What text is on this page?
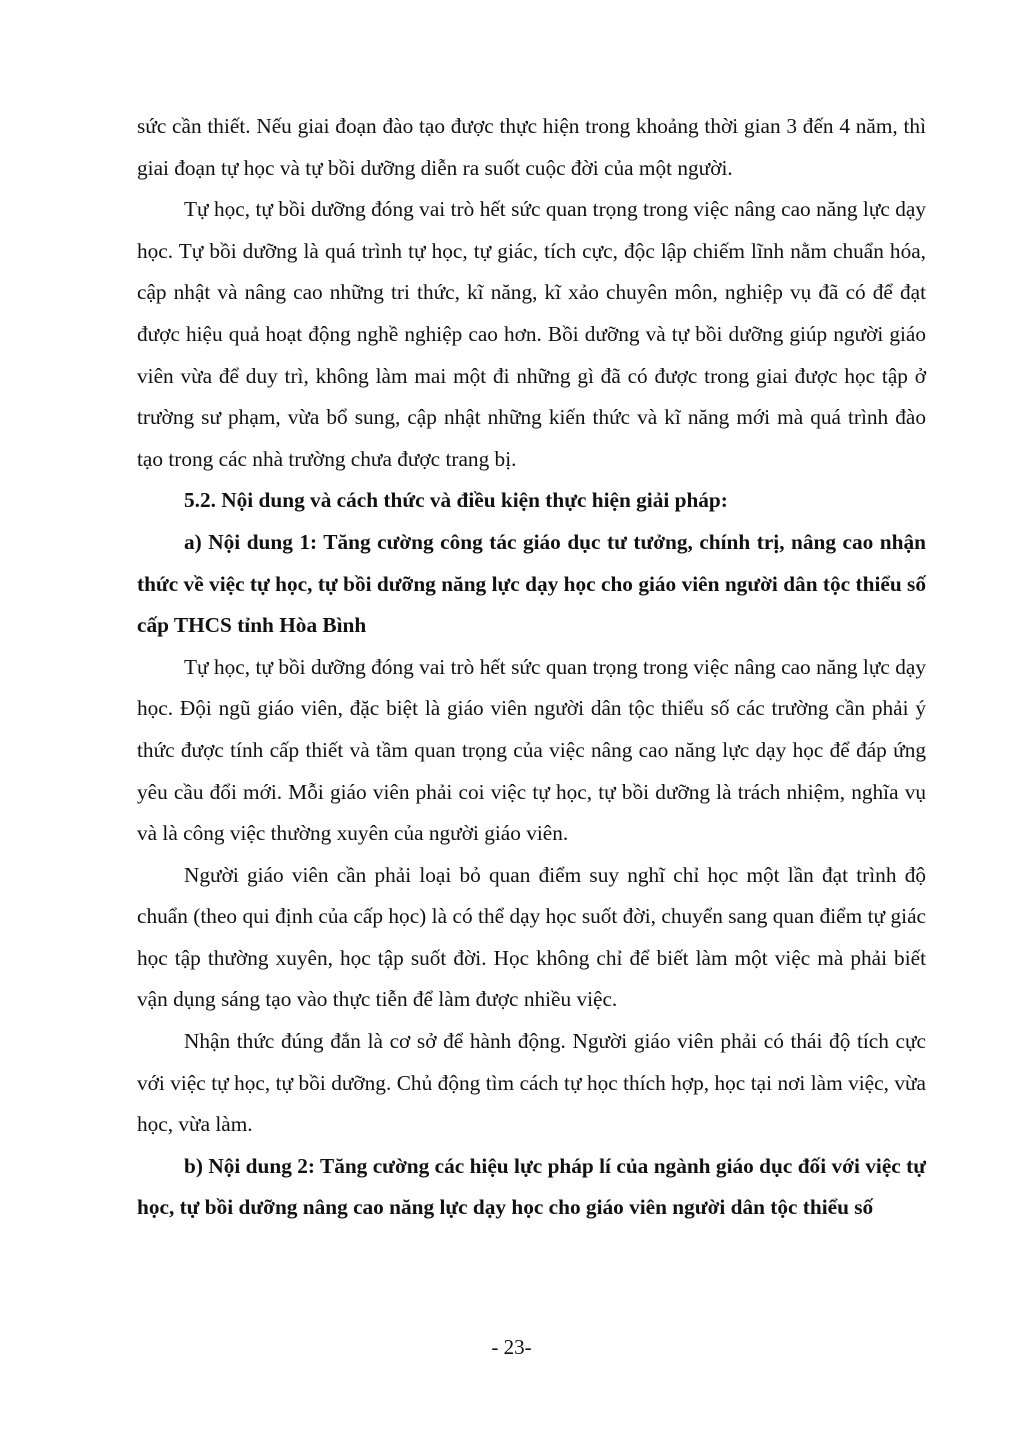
sức cần thiết. Nếu giai đoạn đào tạo được thực hiện trong khoảng thời gian 3 đến 4 năm, thì giai đoạn tự học và tự bồi dưỡng diễn ra suốt cuộc đời của một người.

Tự học, tự bồi dưỡng đóng vai trò hết sức quan trọng trong việc nâng cao năng lực dạy học. Tự bồi dưỡng là quá trình tự học, tự giác, tích cực, độc lập chiếm lĩnh nằm chuẩn hóa, cập nhật và nâng cao những tri thức, kĩ năng, kĩ xảo chuyên môn, nghiệp vụ đã có để đạt được hiệu quả hoạt động nghề nghiệp cao hơn. Bồi dưỡng và tự bồi dưỡng giúp người giáo viên vừa để duy trì, không làm mai một đi những gì đã có được trong giai được học tập ở trường sư phạm, vừa bổ sung, cập nhật những kiến thức và kĩ năng mới mà quá trình đào tạo trong các nhà trường chưa được trang bị.

5.2. Nội dung và cách thức và điều kiện thực hiện giải pháp:

a) Nội dung 1: Tăng cường công tác giáo dục tư tưởng, chính trị, nâng cao nhận thức về việc tự học, tự bồi dưỡng năng lực dạy học cho giáo viên người dân tộc thiểu số cấp THCS tỉnh Hòa Bình

Tự học, tự bồi dưỡng đóng vai trò hết sức quan trọng trong việc nâng cao năng lực dạy học. Đội ngũ giáo viên, đặc biệt là giáo viên người dân tộc thiểu số các trường cần phải ý thức được tính cấp thiết và tầm quan trọng của việc nâng cao năng lực dạy học để đáp ứng yêu cầu đổi mới. Mỗi giáo viên phải coi việc tự học, tự bồi dưỡng là trách nhiệm, nghĩa vụ và là công việc thường xuyên của người giáo viên.

Người giáo viên cần phải loại bỏ quan điểm suy nghĩ chỉ học một lần đạt trình độ chuẩn (theo qui định của cấp học) là có thể dạy học suốt đời, chuyển sang quan điểm tự giác học tập thường xuyên, học tập suốt đời. Học không chỉ để biết làm một việc mà phải biết vận dụng sáng tạo vào thực tiễn để làm được nhiều việc.

Nhận thức đúng đắn là cơ sở để hành động. Người giáo viên phải có thái độ tích cực với việc tự học, tự bồi dưỡng. Chủ động tìm cách tự học thích hợp, học tại nơi làm việc, vừa học, vừa làm.

b) Nội dung 2: Tăng cường các hiệu lực pháp lí của ngành giáo dục đối với việc tự học, tự bồi dưỡng nâng cao năng lực dạy học cho giáo viên người dân tộc thiểu số

- 23-
